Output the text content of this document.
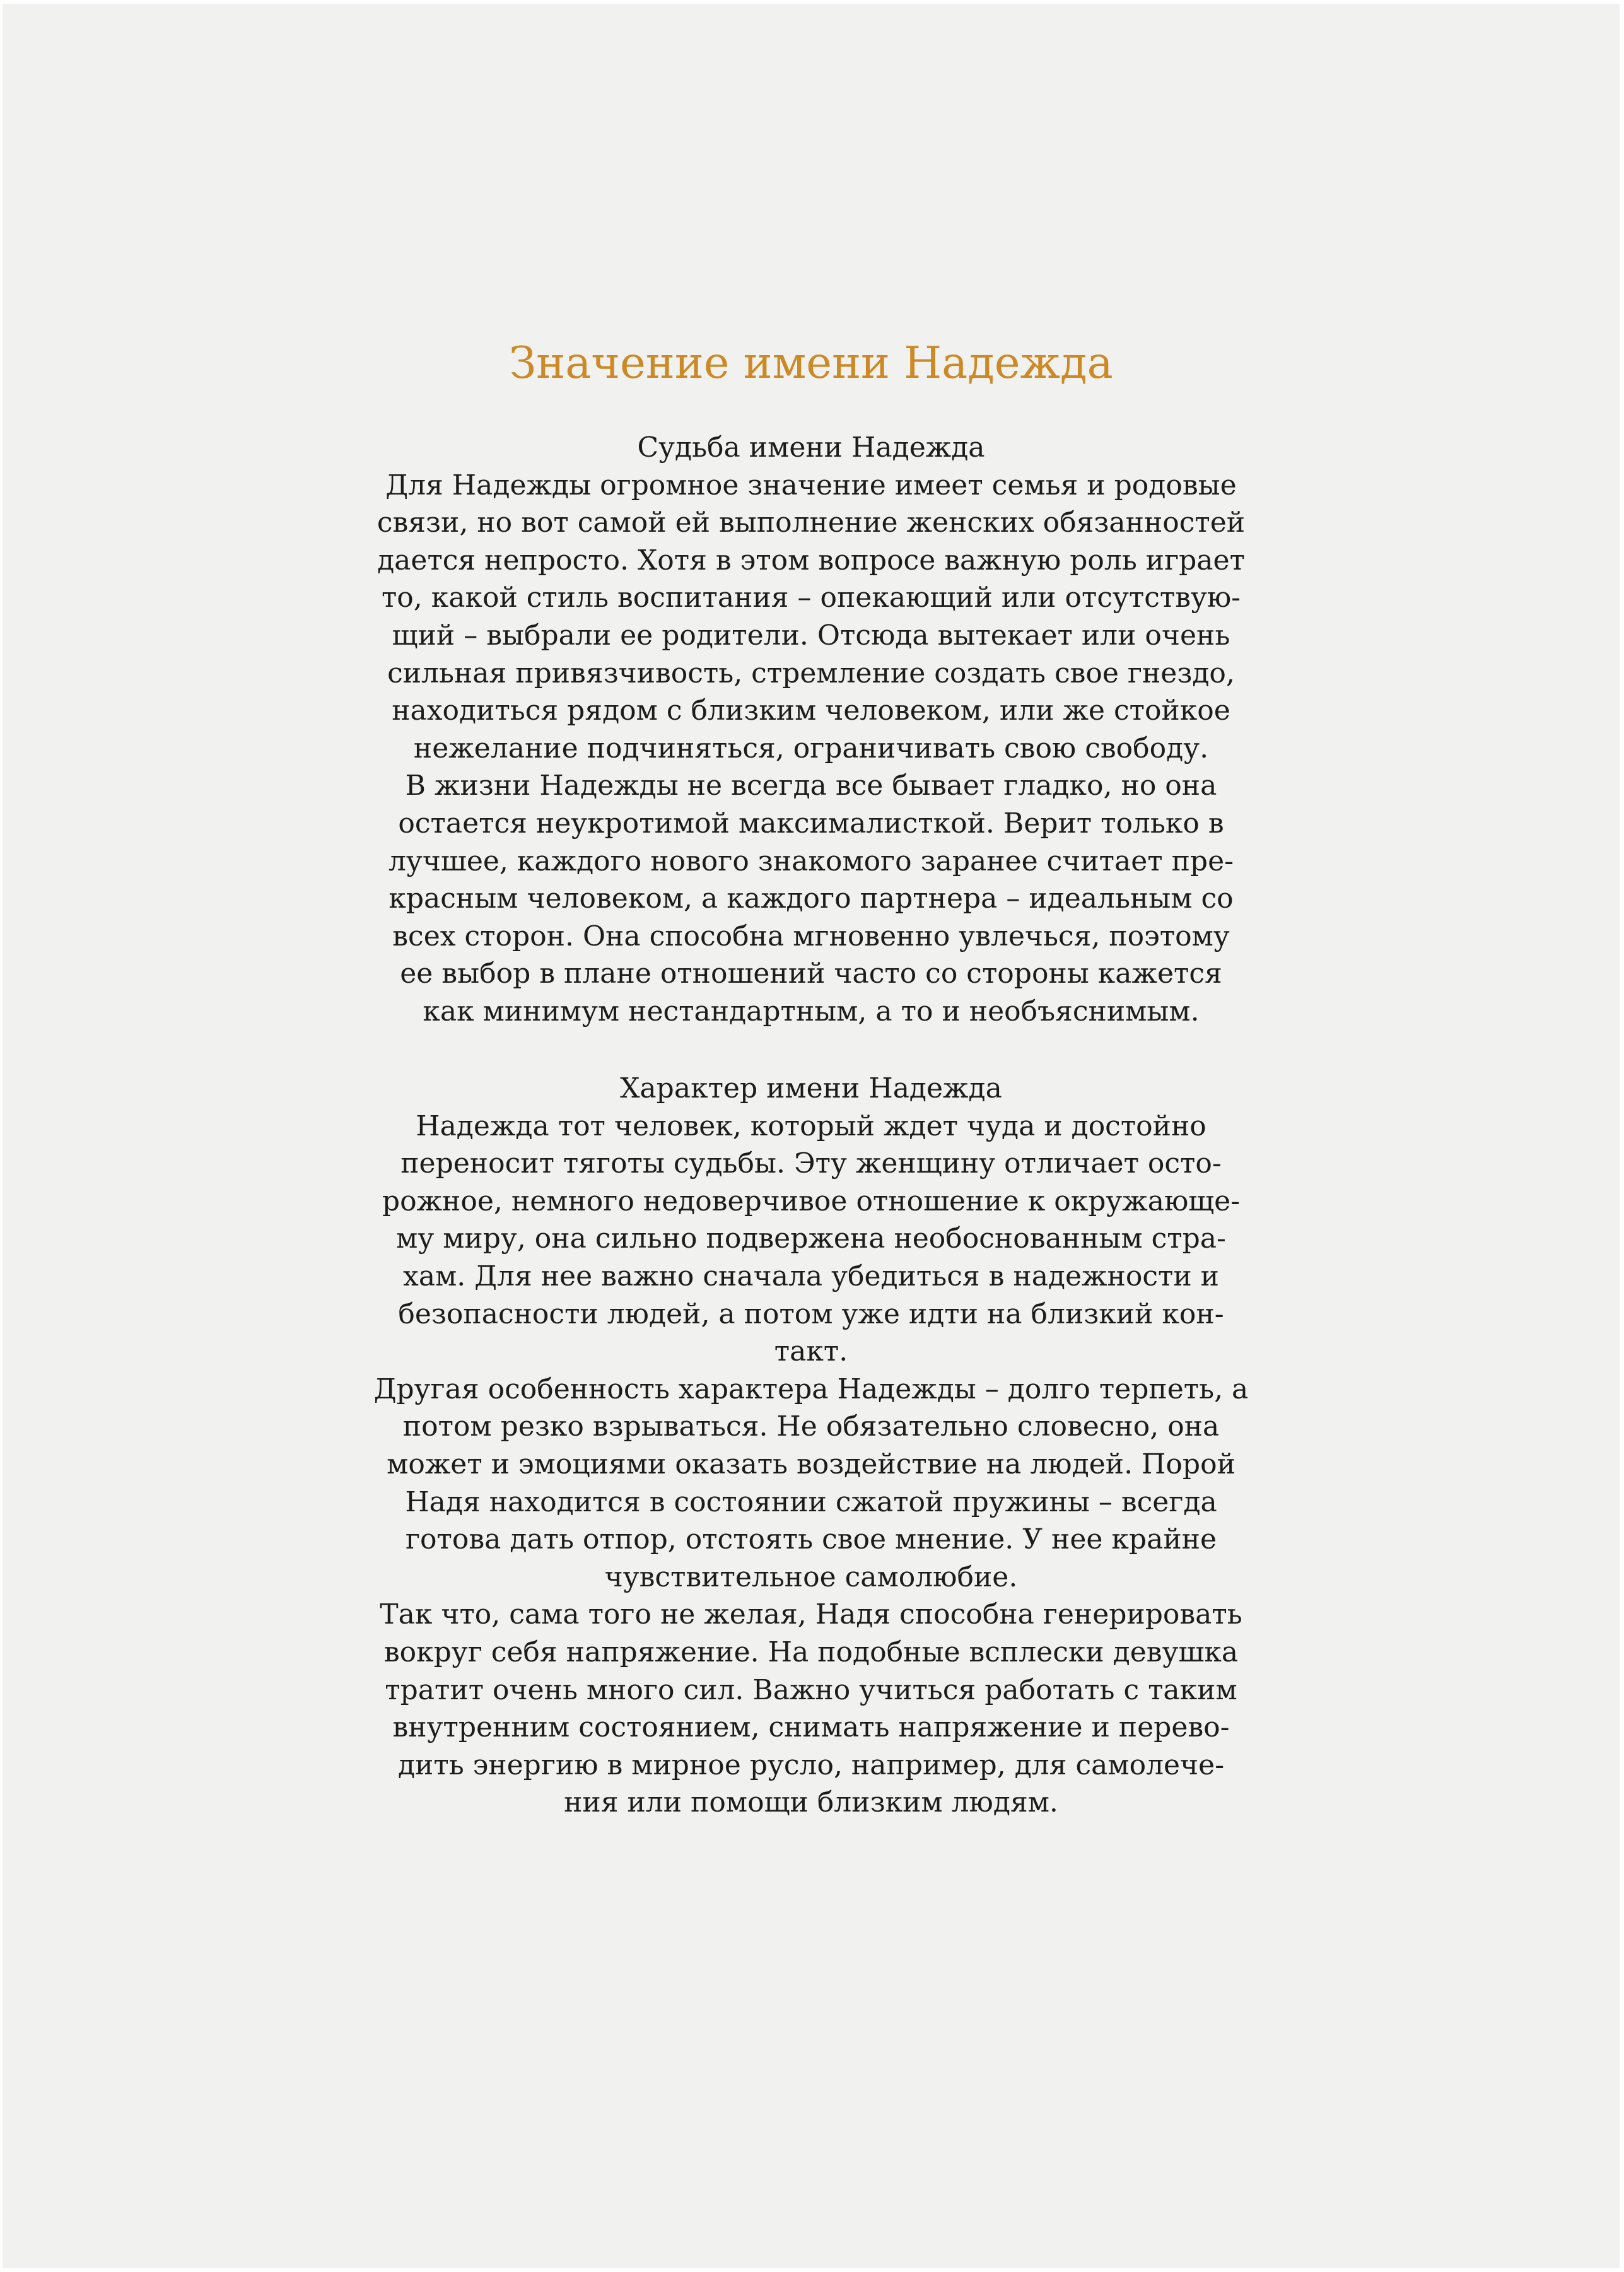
Значение имени Надежда
Судьба имени Надежда
Для Надежды огромное значение имеет семья и родовые
связи, но вот самой ей выполнение женских обязанностей
дается непросто. Хотя в этом вопросе важную роль играет
то, какой стиль воспитания – опекающий или отсутствую-
щий – выбрали ее родители. Отсюда вытекает или очень
сильная привязчивость, стремление создать свое гнездо,
находиться рядом с близким человеком, или же стойкое
нежелание подчиняться, ограничивать свою свободу.
В жизни Надежды не всегда все бывает гладко, но она
остается неукротимой максималисткой. Верит только в
лучшее, каждого нового знакомого заранее считает пре-
красным человеком, а каждого партнера – идеальным со
всех сторон. Она способна мгновенно увлечься, поэтому
ее выбор в плане отношений часто со стороны кажется
как минимум нестандартным, а то и необъяснимым.
Характер имени Надежда
Надежда тот человек, который ждет чуда и достойно
переносит тяготы судьбы. Эту женщину отличает осто-
рожное, немного недоверчивое отношение к окружающе-
му миру, она сильно подвержена необоснованным стра-
хам. Для нее важно сначала убедиться в надежности и
безопасности людей, а потом уже идти на близкий кон-
такт.
Другая особенность характера Надежды – долго терпеть, а
потом резко взрываться. Не обязательно словесно, она
может и эмоциями оказать воздействие на людей. Порой
Надя находится в состоянии сжатой пружины – всегда
готова дать отпор, отстоять свое мнение. У нее крайне
чувствительное самолюбие.
Так что, сама того не желая, Надя способна генерировать
вокруг себя напряжение. На подобные всплески девушка
тратит очень много сил. Важно учиться работать с таким
внутренним состоянием, снимать напряжение и перево-
дить энергию в мирное русло, например, для самолече-
ния или помощи близким людям.
